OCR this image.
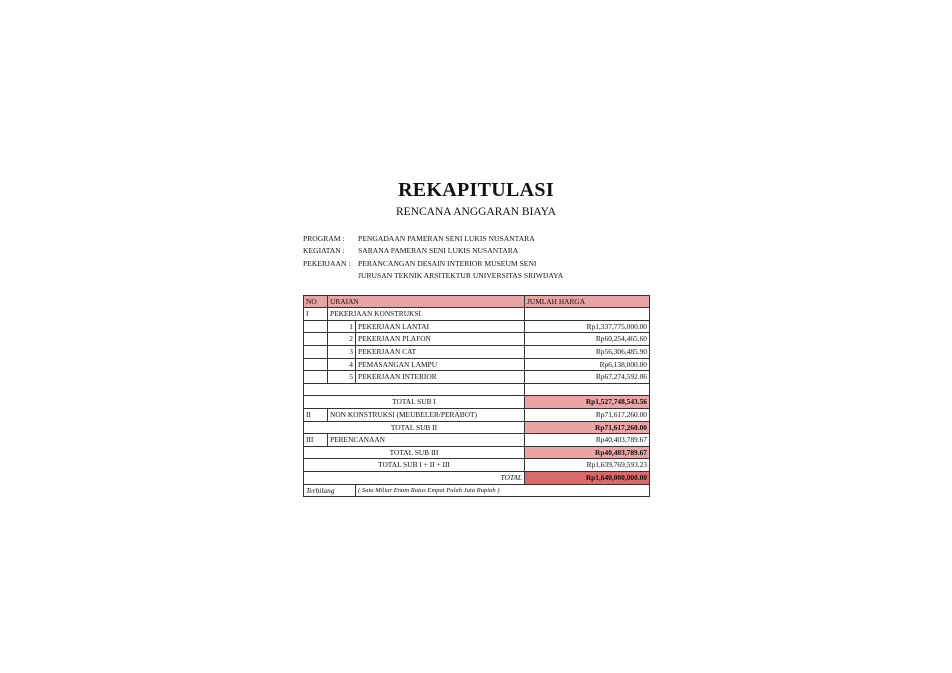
REKAPITULASI
RENCANA ANGGARAN BIAYA
PROGRAM :	PENGADAAN PAMERAN SENI LUKIS NUSANTARA
KEGIATAN :	SARANA PAMERAN SENI LUKIS NUSANTARA
PEKERJAAN : PERANCANGAN DESAIN INTERIOR MUSEUM SENI

JURUSAN TEKNIK ARSITEKTUR UNIVERSITAS SRIWIJAYA
NO	URAIAN		JUMLAH HARGA
I	PEKERJAAN KONSTRUKSI		
	1	PEKERJAAN LANTAI	Rp1,337,775,000.00
	2	PEKERJAAN PLAFON	Rp60,254,465.60
	3	PEKERJAAN CAT	Rp56,306,485.90
	4	PEMASANGAN LAMPU	Rp6,138,000.00
	5	PEKERJAAN INTERIOR	Rp67,274,592.06

TOTAL SUB I			Rp1,527,748,543.56
II	NON KONSTRUKSI (MEUBELER/PERABOT)		Rp71,617,260.00
TOTAL SUB II			Rp71,617,260.00
III	PERENCANAAN		Rp40,403,789.67
TOTAL SUB III			Rp40,403,789.67
TOTAL SUB I + II + III			Rp1,639,769,593.23
TOTAL			Rp1,640,000,000.00
Terbilang		( Satu Miliar Enam Ratus Empat Puluh Juta Rupiah )	
